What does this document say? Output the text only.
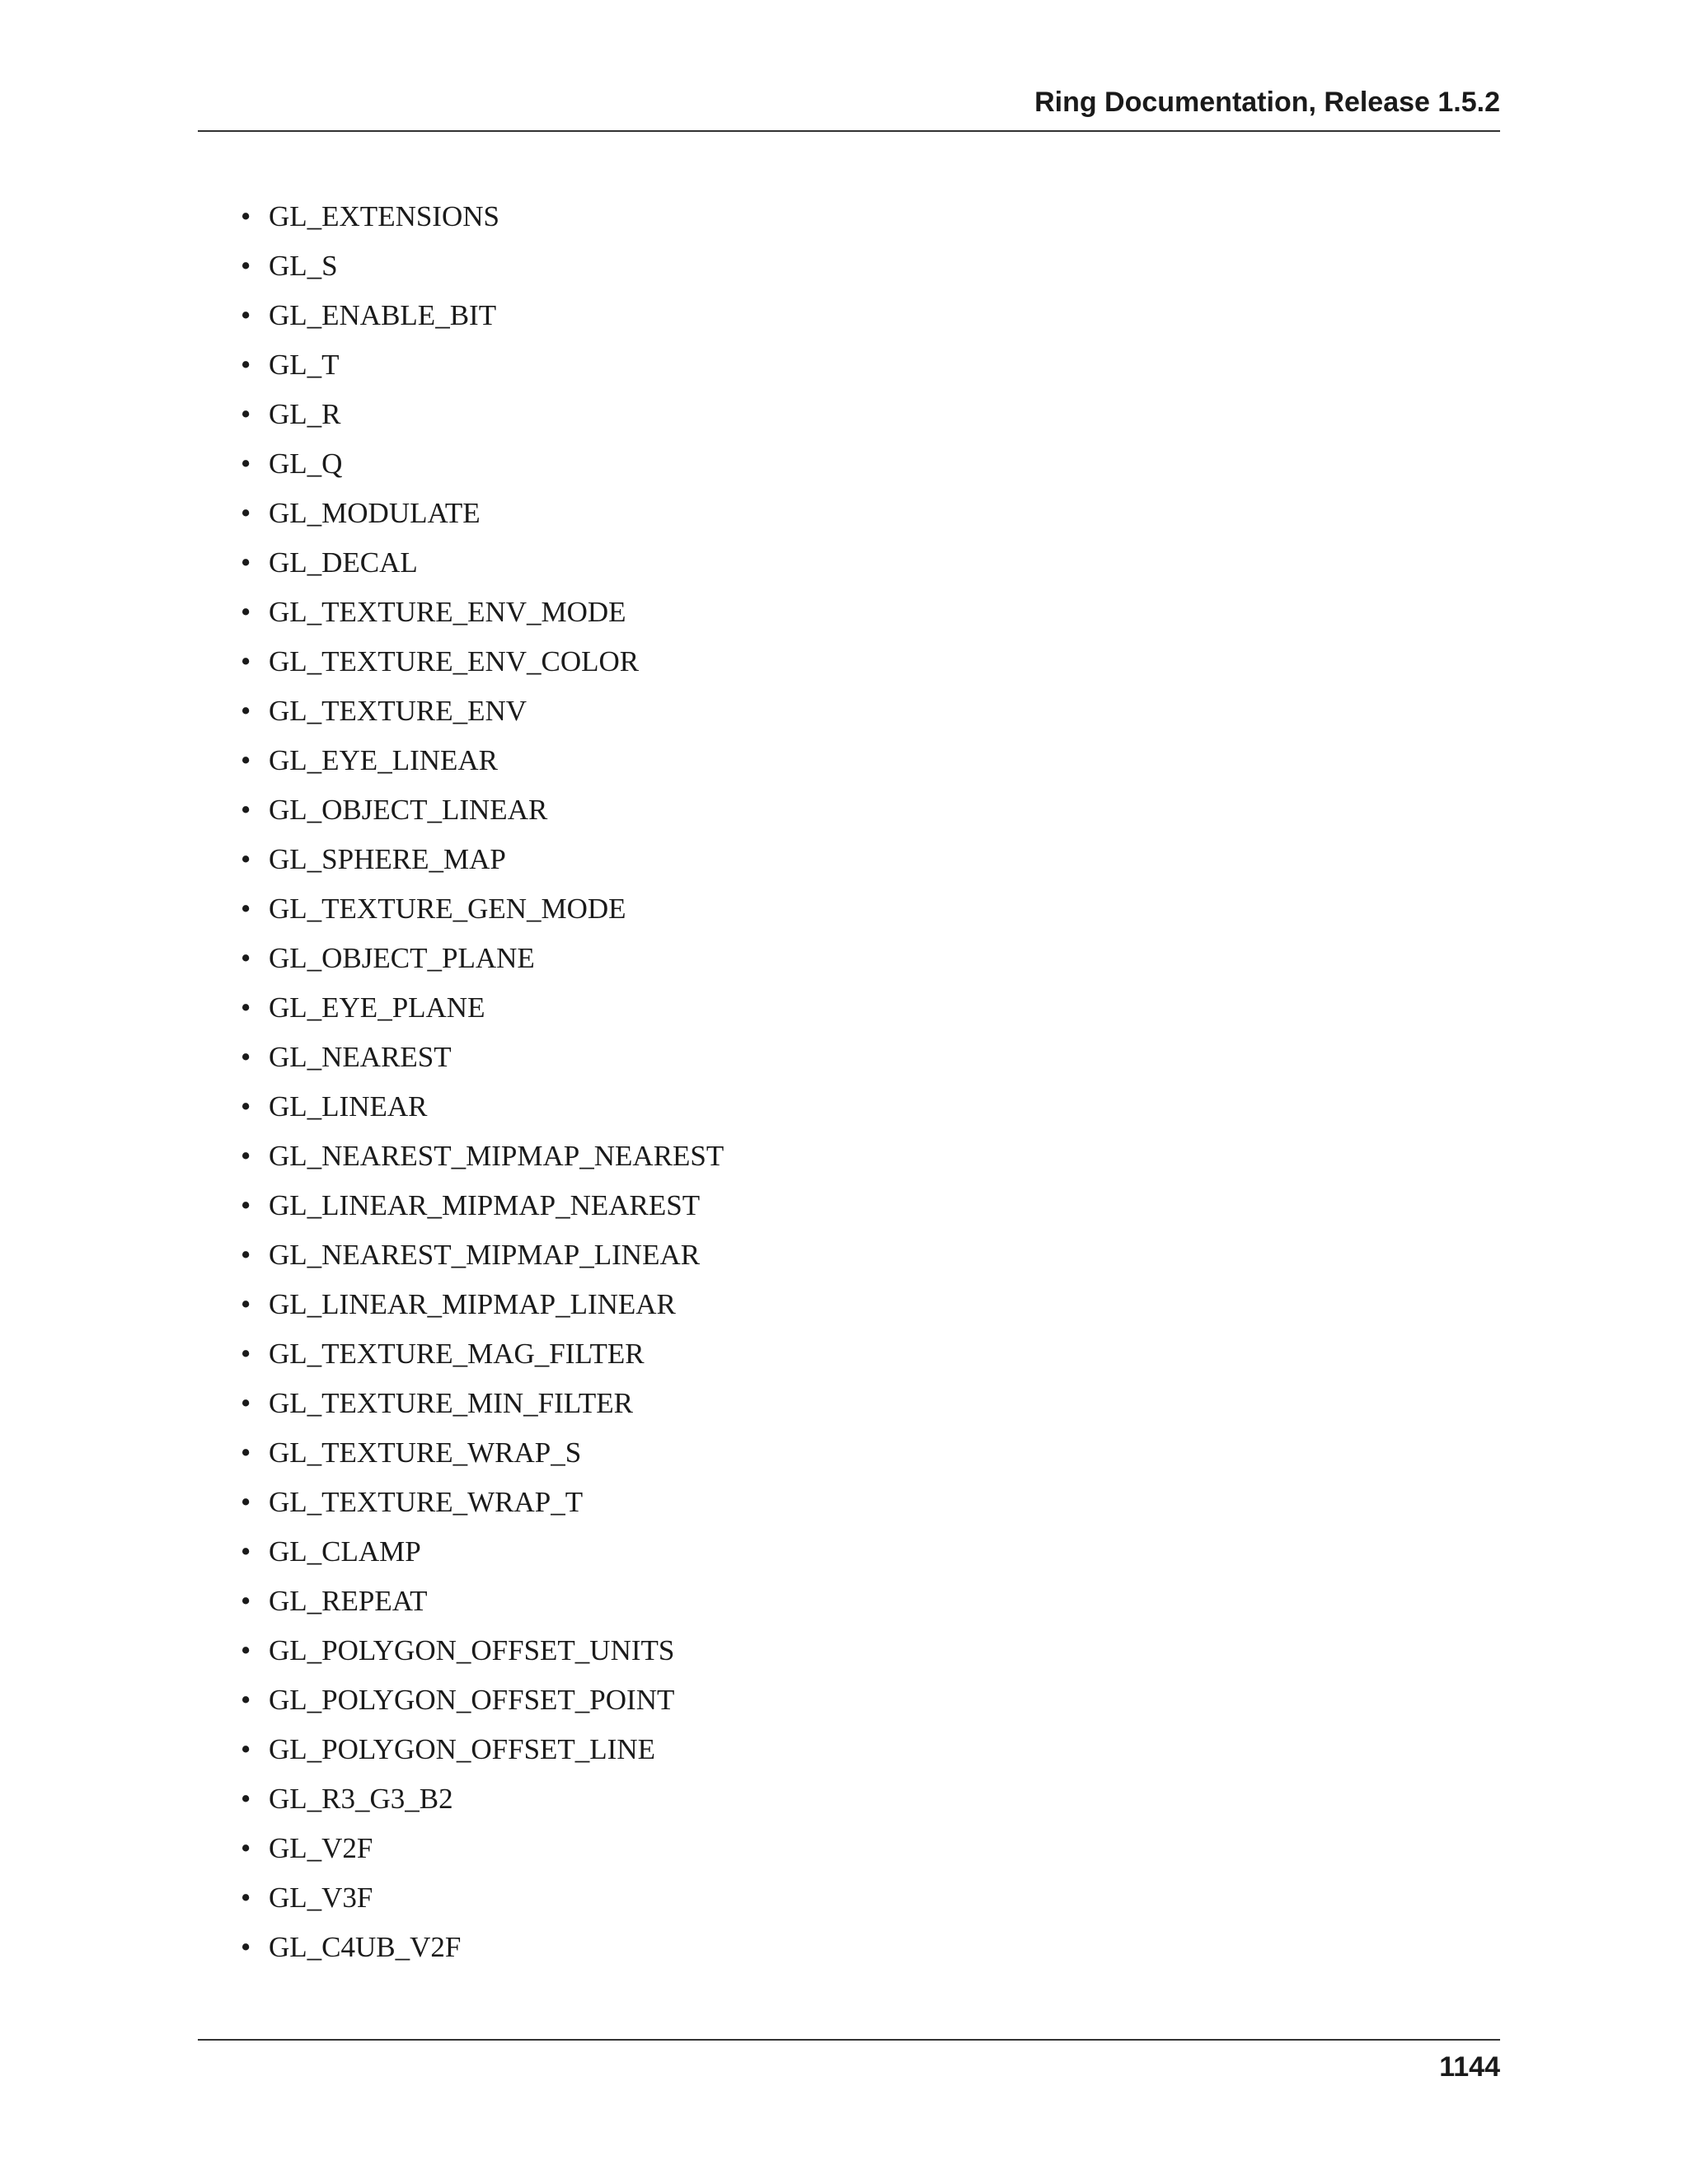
Ring Documentation, Release 1.5.2
• GL_EXTENSIONS
• GL_S
• GL_ENABLE_BIT
• GL_T
• GL_R
• GL_Q
• GL_MODULATE
• GL_DECAL
• GL_TEXTURE_ENV_MODE
• GL_TEXTURE_ENV_COLOR
• GL_TEXTURE_ENV
• GL_EYE_LINEAR
• GL_OBJECT_LINEAR
• GL_SPHERE_MAP
• GL_TEXTURE_GEN_MODE
• GL_OBJECT_PLANE
• GL_EYE_PLANE
• GL_NEAREST
• GL_LINEAR
• GL_NEAREST_MIPMAP_NEAREST
• GL_LINEAR_MIPMAP_NEAREST
• GL_NEAREST_MIPMAP_LINEAR
• GL_LINEAR_MIPMAP_LINEAR
• GL_TEXTURE_MAG_FILTER
• GL_TEXTURE_MIN_FILTER
• GL_TEXTURE_WRAP_S
• GL_TEXTURE_WRAP_T
• GL_CLAMP
• GL_REPEAT
• GL_POLYGON_OFFSET_UNITS
• GL_POLYGON_OFFSET_POINT
• GL_POLYGON_OFFSET_LINE
• GL_R3_G3_B2
• GL_V2F
• GL_V3F
• GL_C4UB_V2F
1144
